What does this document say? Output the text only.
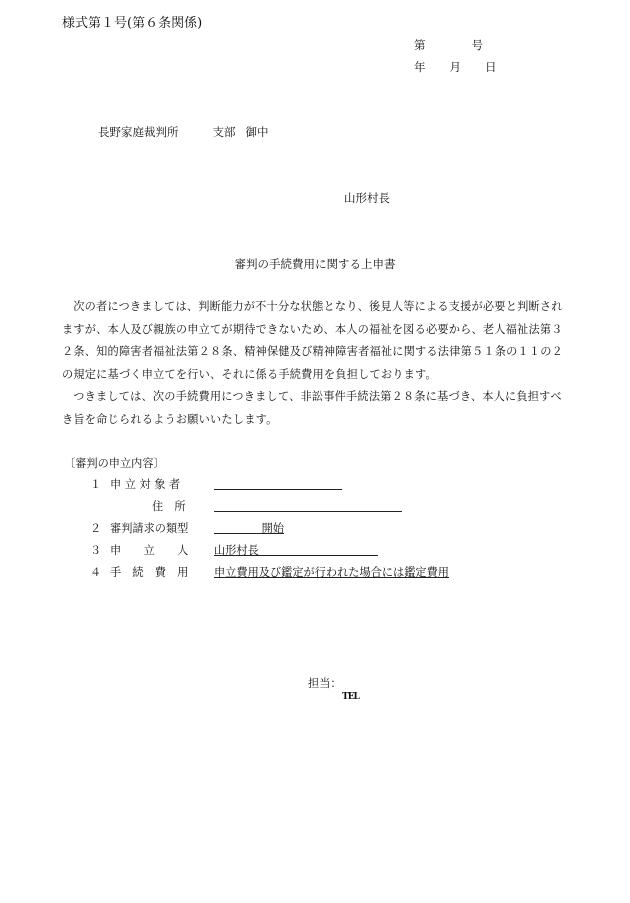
様式第１号(第６条関係)
第	号
年 月 日
長野家庭裁判所	支部 御中
山形村長
審判の手続費用に関する上申書

次の者につきましては、判断能力が不十分な状態となり、後見人等による支援が必要と判断されますが、本人及び親族の申立てが期待できないため、本人の福祉を図る必要から、老人福祉法第３２条、知的障害者福祉法第２８条、精神保健及び精神障害者福祉に関する法律第５１条の１１の２の規定に基づく申立てを行い、それに係る手続費用を負担しております。

つきましては、次の手続費用につきまして、非訟事件手続法第２８条に基づき、本人に負担すべき旨を命じられるようお願いいたします。

〔審判の申立内容〕
１ 申 立 対 象 者
住　所
２ 審判請求の類型	開始
３ 申　　立　　人 山形村長
４ 手　続　費　用 申立費用及び鑑定が行われた場合には鑑定費用
担当：
TEL
